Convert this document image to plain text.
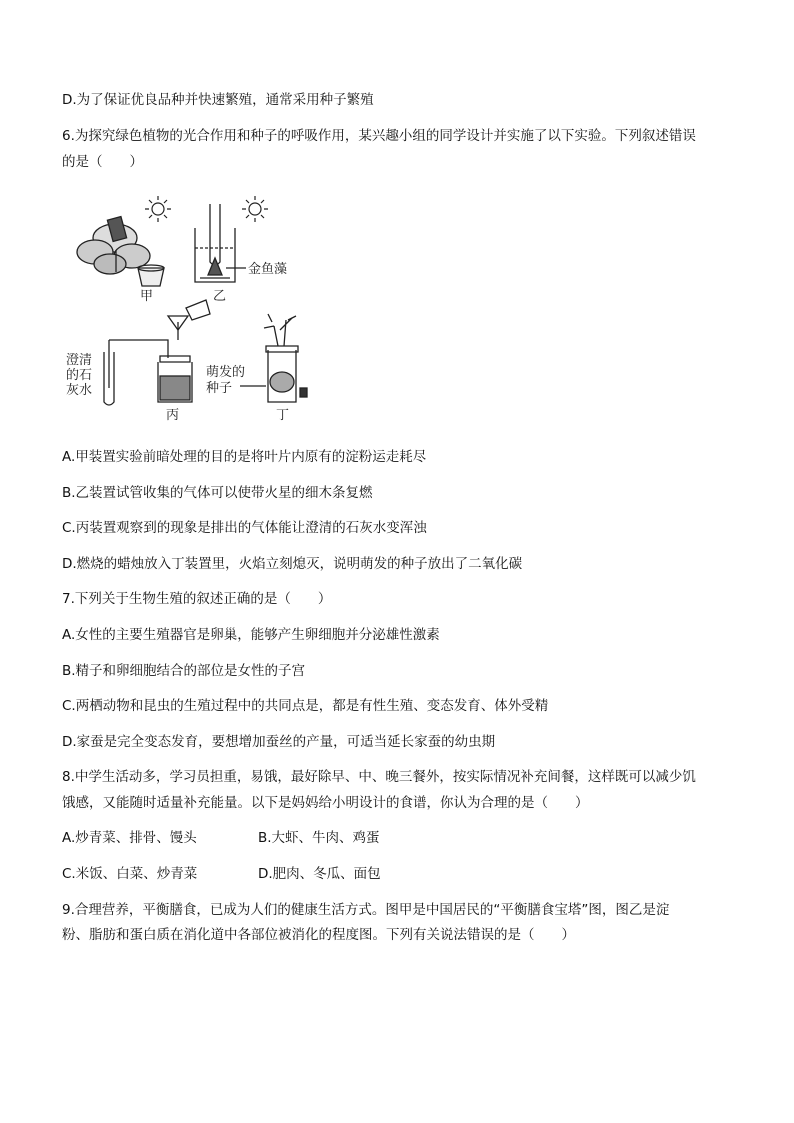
D.为了保证优良品种并快速繁殖，通常采用种子繁殖
6.为探究绿色植物的光合作用和种子的呼吸作用，某兴趣小组的同学设计并实施了以下实验。下列叙述错误
的是（　　）
甲
金鱼藻
乙
澄清
的石
灰水
丙
萌发的
种子
丁
A.甲装置实验前暗处理的目的是将叶片内原有的淀粉运走耗尽
B.乙装置试管收集的气体可以使带火星的细木条复燃
C.丙装置观察到的现象是排出的气体能让澄清的石灰水变浑浊
D.燃烧的蜡烛放入丁装置里，火焰立刻熄灭，说明萌发的种子放出了二氧化碳
7.下列关于生物生殖的叙述正确的是（　　）
A.女性的主要生殖器官是卵巢，能够产生卵细胞并分泌雄性激素
B.精子和卵细胞结合的部位是女性的子宫
C.两栖动物和昆虫的生殖过程中的共同点是，都是有性生殖、变态发育、体外受精
D.家蚕是完全变态发育，要想增加蚕丝的产量，可适当延长家蚕的幼虫期
8.中学生活动多，学习员担重，易饿，最好除早、中、晚三餐外，按实际情况补充间餐，这样既可以减少饥
饿感，又能随时适量补充能量。以下是妈妈给小明设计的食谱，你认为合理的是（　　）
A.炒青菜、排骨、馒头	B.大虾、牛肉、鸡蛋
C.米饭、白菜、炒青菜	D.肥肉、冬瓜、面包
9.合理营养，平衡膳食，已成为人们的健康生活方式。图甲是中国居民的“平衡膳食宝塔”图，图乙是淀
粉、脂肪和蛋白质在消化道中各部位被消化的程度图。下列有关说法错误的是（　　）
